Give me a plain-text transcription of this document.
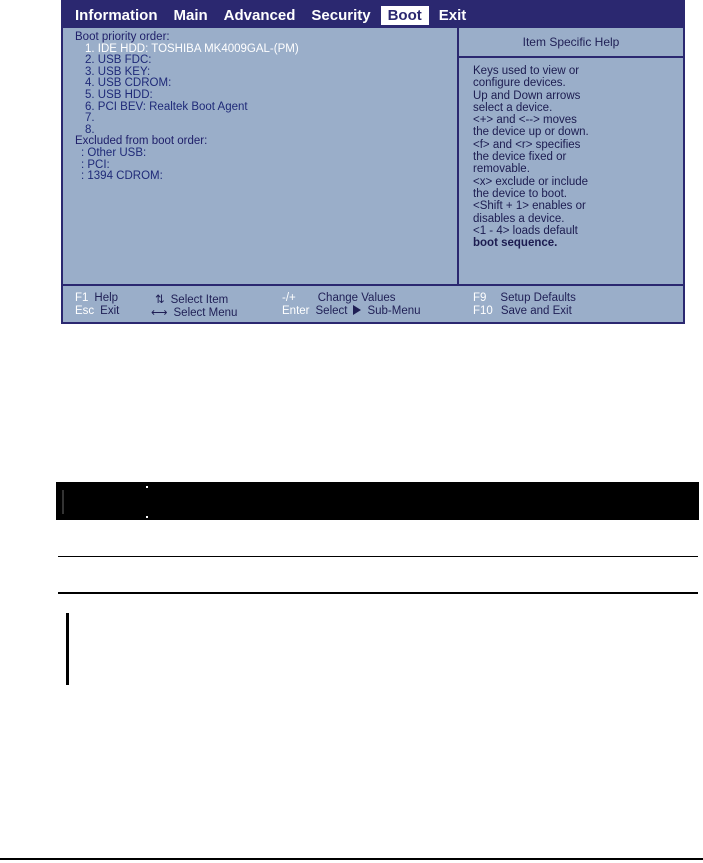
Information Main Advanced Security	Boot	Exit
Boot priority order:
1. IDE HDD: TOSHIBA MK4009GAL-(PM)
2. USB FDC:
3. USB KEY:
4. USB CDROM:
5. USB HDD:
6. PCI BEV: Realtek Boot Agent
7.
8.
Excluded from boot order:
: Other USB:
: PCI:
: 1394 CDROM:
Item Specific Help
Keys used to view or
configure devices.
Up and Down arrows
select a device.
<+> and <--> moves
the device up or down.
<f> and <r> specifies
the device fixed or
removable.
<x> exclude or include
the device to boot.
<Shift + 1> enables or
disables a device.
<1 - 4> loads default
boot sequence.
F1 Help
Esc Exit
⇅ Select Item
⟷ Select Menu
-/+ Change Values
Enter Select Sub-Menu
F9 Setup Defaults
F10 Save and Exit
